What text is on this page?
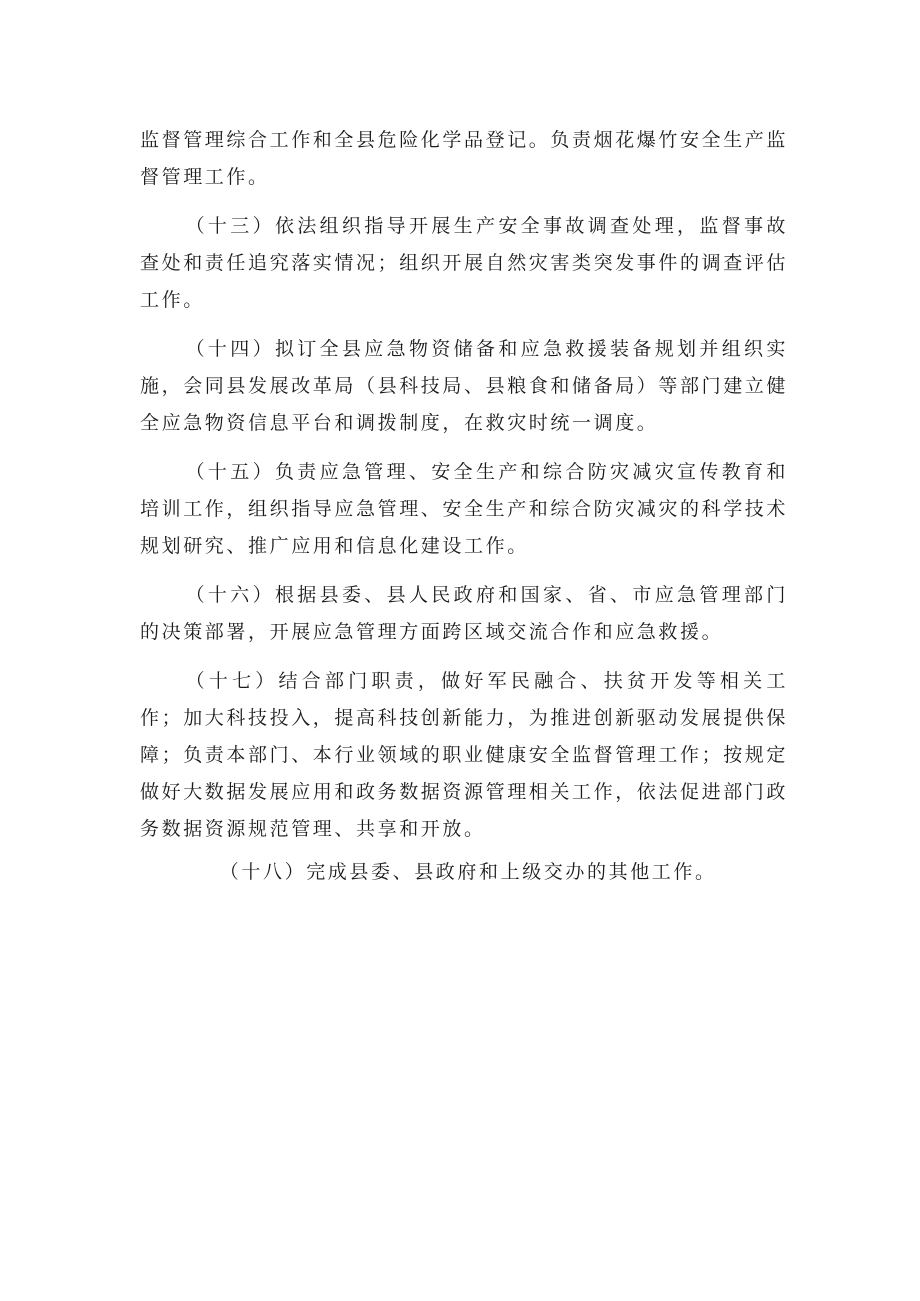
监督管理综合工作和全县危险化学品登记。负责烟花爆竹安全生产监督管理工作。

（十三）依法组织指导开展生产安全事故调查处理，监督事故查处和责任追究落实情况；组织开展自然灾害类突发事件的调查评估工作。

（十四）拟订全县应急物资储备和应急救援装备规划并组织实施，会同县发展改革局（县科技局、县粮食和储备局）等部门建立健全应急物资信息平台和调拨制度，在救灾时统一调度。

（十五）负责应急管理、安全生产和综合防灾减灾宣传教育和培训工作，组织指导应急管理、安全生产和综合防灾减灾的科学技术规划研究、推广应用和信息化建设工作。

（十六）根据县委、县人民政府和国家、省、市应急管理部门的决策部署，开展应急管理方面跨区域交流合作和应急救援。

（十七）结合部门职责，做好军民融合、扶贫开发等相关工作；加大科技投入，提高科技创新能力，为推进创新驱动发展提供保障；负责本部门、本行业领域的职业健康安全监督管理工作；按规定做好大数据发展应用和政务数据资源管理相关工作，依法促进部门政务数据资源规范管理、共享和开放。

（十八）完成县委、县政府和上级交办的其他工作。
